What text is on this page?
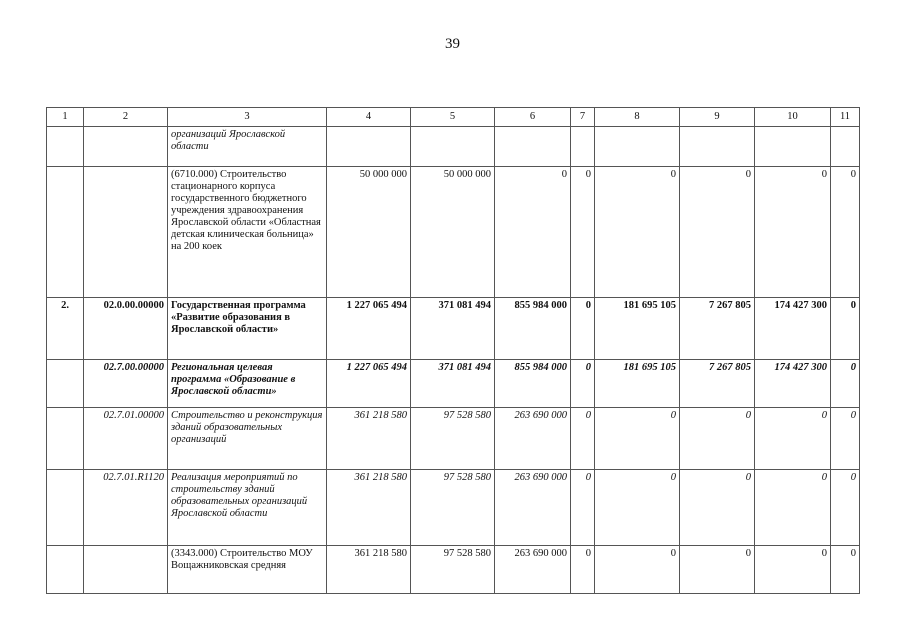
39
1	2	3	4	5	6	7	8	9	10	11
		организаций Ярославской области								
		(6710.000) Строительство стационарного корпуса государственного бюджетного учреждения здравоохранения Ярославской области «Областная детская клиническая больница» на 200 коек	50 000 000	50 000 000	0	0	0	0	0	0
2.	02.0.00.00000	Государственная программа «Развитие образования в Ярославской области»	1 227 065 494	371 081 494	855 984 000	0	181 695 105	7 267 805	174 427 300	0
	02.7.00.00000	Региональная целевая программа «Образование в Ярославской области»	1 227 065 494	371 081 494	855 984 000	0	181 695 105	7 267 805	174 427 300	0
	02.7.01.00000	Строительство и реконструкция зданий образовательных организаций	361 218 580	97 528 580	263 690 000	0	0	0	0	0
	02.7.01.R1120	Реализация мероприятий по строительству зданий образовательных организаций Ярославской области	361 218 580	97 528 580	263 690 000	0	0	0	0	0
		(3343.000) Строительство МОУ Вощажниковская средняя	361 218 580	97 528 580	263 690 000	0	0	0	0	0
